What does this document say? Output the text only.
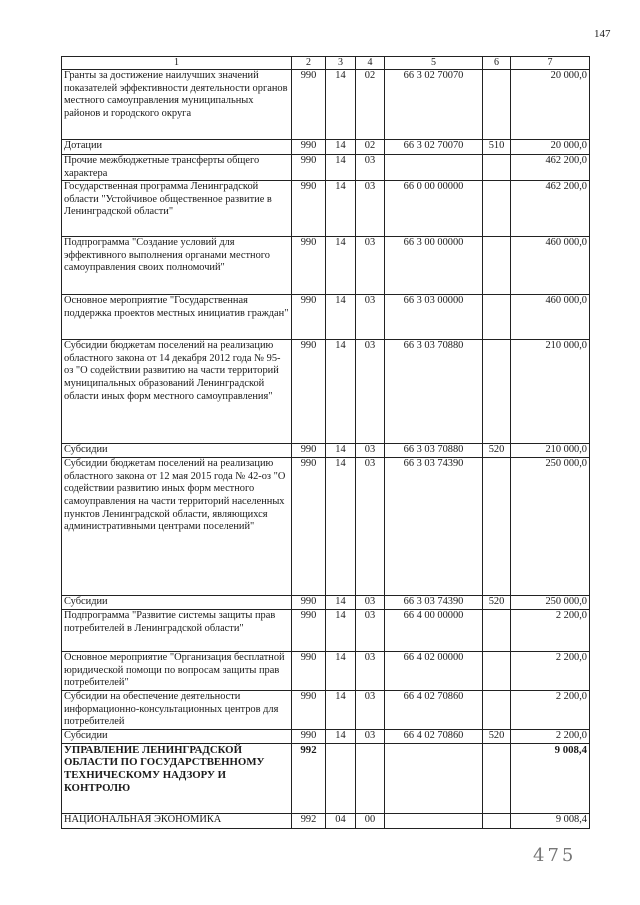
147
1	2	3	4	5	6	7
Гранты за достижение наилучших значений показателей эффективности деятельности органов местного самоуправления муниципальных районов и городского округа	990	14	02	66 3 02 70070		20 000,0
Дотации	990	14	02	66 3 02 70070	510	20 000,0
Прочие межбюджетные трансферты общего характера	990	14	03			462 200,0
Государственная программа Ленинградской области "Устойчивое общественное развитие в Ленинградской области"	990	14	03	66 0 00 00000		462 200,0
Подпрограмма "Создание условий для эффективного выполнения органами местного самоуправления своих полномочий"	990	14	03	66 3 00 00000		460 000,0
Основное мероприятие "Государственная поддержка проектов местных инициатив граждан"	990	14	03	66 3 03 00000		460 000,0
Субсидии бюджетам поселений на реализацию областного закона от 14 декабря 2012 года № 95-оз "О содействии развитию на части территорий муниципальных образований Ленинградской области иных форм местного самоуправления"	990	14	03	66 3 03 70880		210 000,0
Субсидии	990	14	03	66 3 03 70880	520	210 000,0
Субсидии бюджетам поселений на реализацию областного закона от 12 мая 2015 года № 42-оз "О содействии развитию иных форм местного самоуправления на части территорий населенных пунктов Ленинградской области, являющихся административными центрами поселений"	990	14	03	66 3 03 74390		250 000,0
Субсидии	990	14	03	66 3 03 74390	520	250 000,0
Подпрограмма "Развитие системы защиты прав потребителей в Ленинградской области"	990	14	03	66 4 00 00000		2 200,0
Основное мероприятие "Организация бесплатной юридической помощи по вопросам защиты прав потребителей"	990	14	03	66 4 02 00000		2 200,0
Субсидии на обеспечение деятельности информационно-консультационных центров для потребителей	990	14	03	66 4 02 70860		2 200,0
Субсидии	990	14	03	66 4 02 70860	520	2 200,0
УПРАВЛЕНИЕ ЛЕНИНГРАДСКОЙ ОБЛАСТИ ПО ГОСУДАРСТВЕННОМУ ТЕХНИЧЕСКОМУ НАДЗОРУ И КОНТРОЛЮ	992					9 008,4
НАЦИОНАЛЬНАЯ ЭКОНОМИКА	992	04	00			9 008,4
475
